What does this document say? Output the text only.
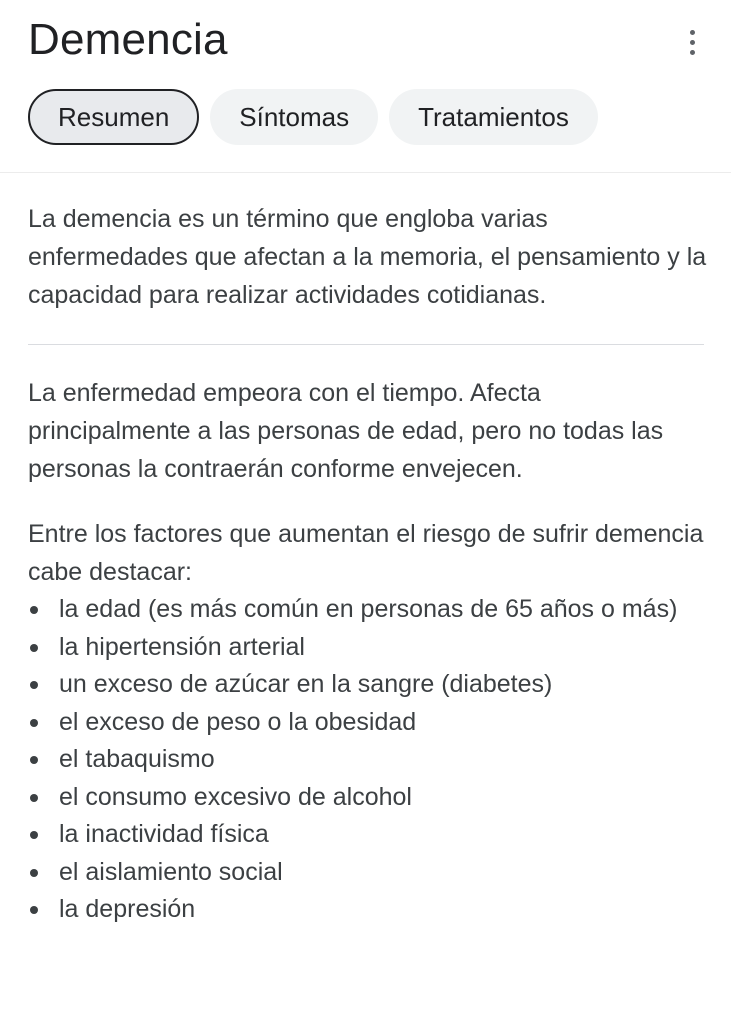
Demencia
Resumen	Síntomas	Tratamientos

La demencia es un término que engloba varias enfermedades que afectan a la memoria, el pensamiento y la capacidad para realizar actividades cotidianas.

La enfermedad empeora con el tiempo. Afecta principalmente a las personas de edad, pero no todas las personas la contraerán conforme envejecen.

Entre los factores que aumentan el riesgo de sufrir demencia cabe destacar:

la edad (es más común en personas de 65 años o más)
la hipertensión arterial
un exceso de azúcar en la sangre (diabetes)
el exceso de peso o la obesidad
el tabaquismo
el consumo excesivo de alcohol
la inactividad física
el aislamiento social
la depresión
